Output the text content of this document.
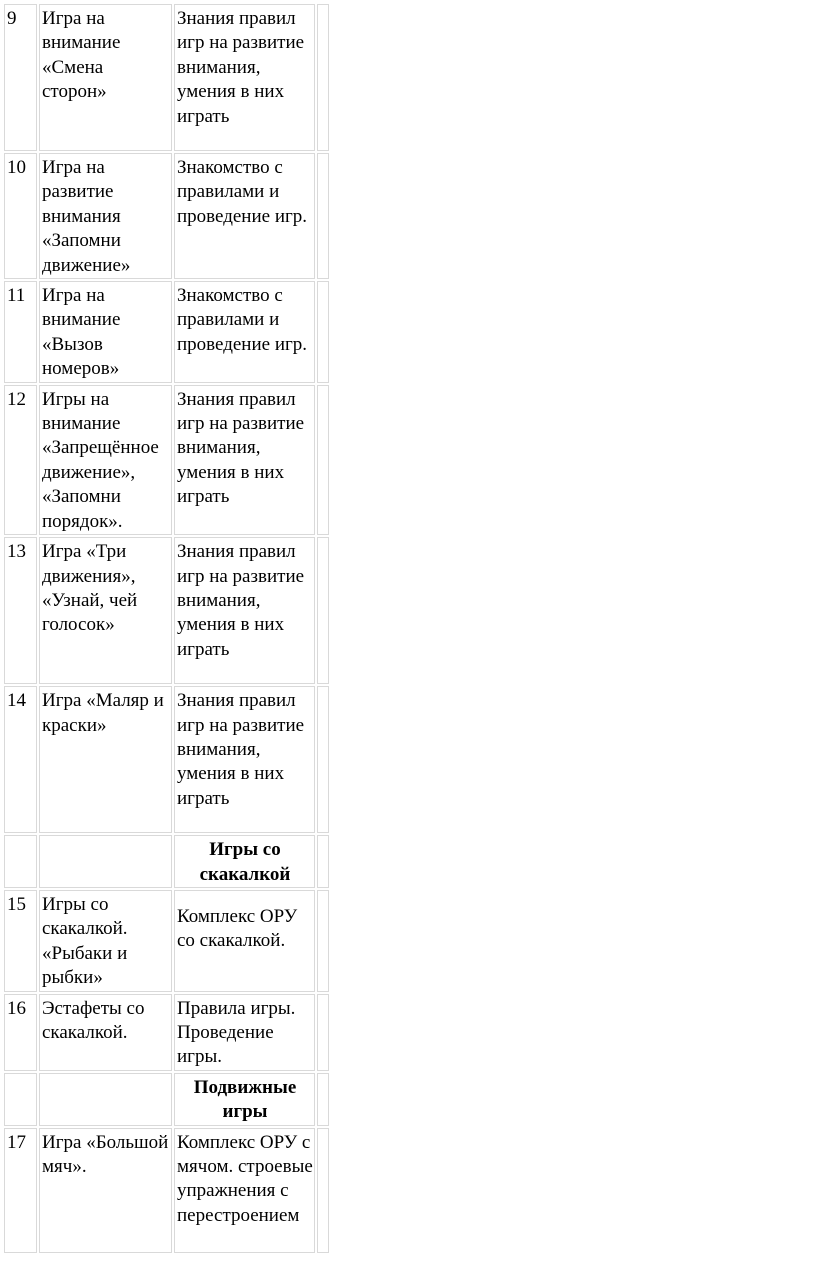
9	Игра на внимание «Смена сторон»	Знания правил игр на развитие внимания, умения в них играть	
10	Игра на развитие внимания «Запомни движение»	Знакомство с правилами и проведение игр.	
11	Игра на внимание «Вызов номеров»	Знакомство с правилами и проведение игр.	
12	Игры на внимание «Запрещённое движение», «Запомни порядок».	Знания правил игр на развитие внимания, умения в них играть	
13	Игра «Три движения», «Узнай, чей голосок»	Знания правил игр на развитие внимания, умения в них играть	
14	Игра «Маляр и краски»	Знания правил игр на развитие внимания, умения в них играть	
		Игры со скакалкой	
15	Игры со скакалкой. «Рыбаки и рыбки»	Комплекс ОРУ со скакалкой.	
16	Эстафеты со скакалкой.	Правила игры. Проведение игры.	
		Подвижные игры	
17	Игра «Большой мяч».	Комплекс ОРУ с мячом. строевые упражнения с перестроением	
